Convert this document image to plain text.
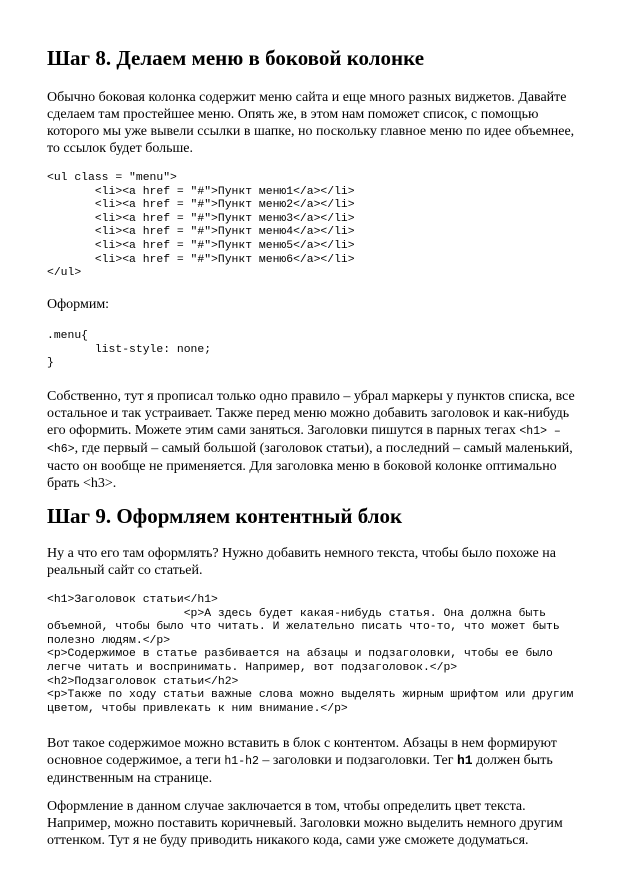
Шаг 8. Делаем меню в боковой колонке

Обычно боковая колонка содержит меню сайта и еще много разных виджетов. Давайте
сделаем там простейшее меню. Опять же, в этом нам поможет список, с помощью
которого мы уже вывели ссылки в шапке, но поскольку главное меню по идее объемнее,
то ссылок будет больше.

<ul class = "menu">
<li><a href = "#">Пункт меню1</a></li>
<li><a href = "#">Пункт меню2</a></li>
<li><a href = "#">Пункт меню3</a></li>
<li><a href = "#">Пункт меню4</a></li>
<li><a href = "#">Пункт меню5</a></li>
<li><a href = "#">Пункт меню6</a></li>
</ul>

Оформим:

.menu{
list-style: none;
}

Собственно, тут я прописал только одно правило – убрал маркеры у пунктов списка, все
остальное и так устраивает. Также перед меню можно добавить заголовок и как-нибудь
его оформить. Можете этим сами заняться. Заголовки пишутся в парных тегах <h1> –
<h6>, где первый – самый большой (заголовок статьи), а последний – самый маленький,
часто он вообще не применяется. Для заголовка меню в боковой колонке оптимально
брать <h3>.

Шаг 9. Оформляем контентный блок

Ну а что его там оформлять? Нужно добавить немного текста, чтобы было похоже на
реальный сайт со статьей.

<h1>Заголовок статьи</h1>
<p>А здесь будет какая-нибудь статья. Она должна быть
объемной, чтобы было что читать. И желательно писать что-то, что может быть
полезно людям.</p>
<p>Содержимое в статье разбивается на абзацы и подзаголовки, чтобы ее было
легче читать и воспринимать. Например, вот подзаголовок.</p>
<h2>Подзаголовок статьи</h2>
<p>Также по ходу статьи важные слова можно выделять жирным шрифтом или другим
цветом, чтобы привлекать к ним внимание.</p>

Вот такое содержимое можно вставить в блок с контентом. Абзацы в нем формируют
основное содержимое, а теги h1-h2 – заголовки и подзаголовки. Тег h1 должен быть
единственным на странице.

Оформление в данном случае заключается в том, чтобы определить цвет текста.
Например, можно поставить коричневый. Заголовки можно выделить немного другим
оттенком. Тут я не буду приводить никакого кода, сами уже сможете додуматься.
